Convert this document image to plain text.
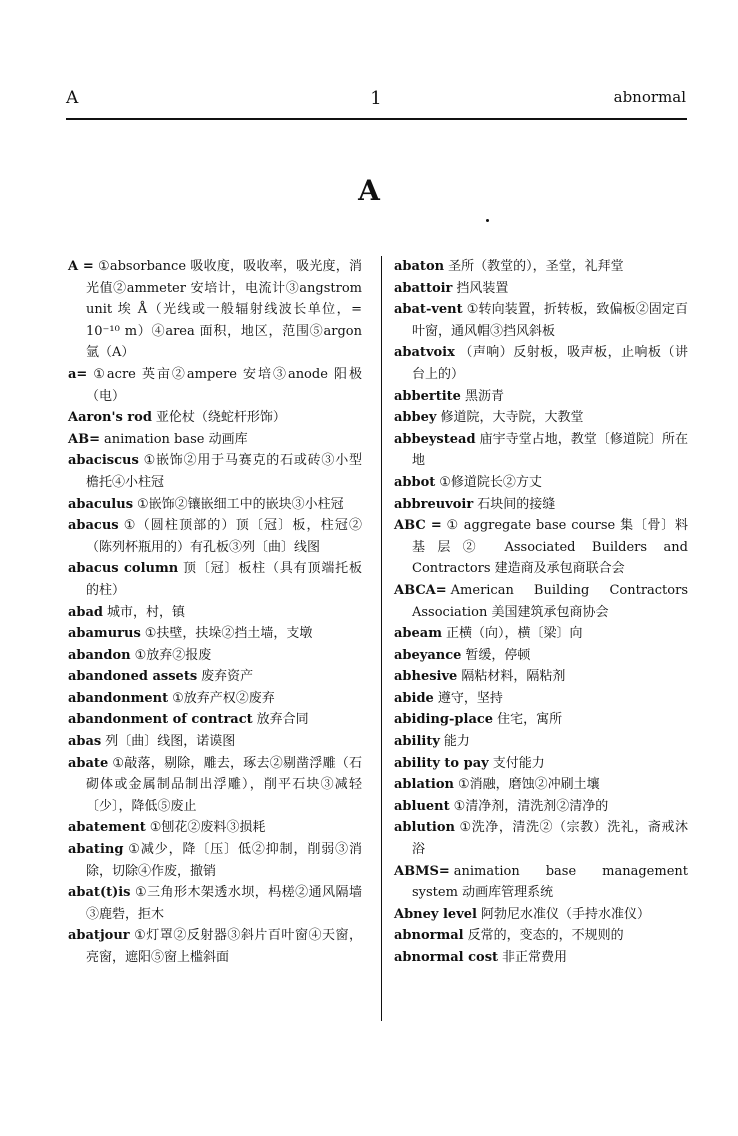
A	1	abnormal
A
A = ①absorbance 吸收度，吸收率，吸光度，消光值②ammeter 安培计，电流计③angstrom unit 埃 Å（光线或一般辐射线波长单位，= 10⁻¹⁰ m）④area 面积，地区，范围⑤argon 氩（A）
a= ①acre 英亩②ampere 安培③anode 阳极（电）
Aaron's rod 亚伦杖（绕蛇杆形饰）
AB= animation base 动画库
abaciscus ①嵌饰②用于马赛克的石或砖③小型檐托④小柱冠
abaculus ①嵌饰②镶嵌细工中的嵌块③小柱冠
abacus ①（圆柱顶部的）顶〔冠〕板，柱冠②（陈列杯瓶用的）有孔板③列〔曲〕线图
abacus column 顶〔冠〕板柱（具有顶端托板的柱）
abad 城市，村，镇
abamurus ①扶壁，扶垛②挡土墙，支墩
abandon ①放弃②报废
abandoned assets 废弃资产
abandonment ①放弃产权②废弃
abandonment of contract 放弃合同
abas 列〔曲〕线图，诺谟图
abate ①敲落，剔除，雕去，琢去②剔凿浮雕（石砌体或金属制品制出浮雕），削平石块③减轻〔少〕，降低⑤废止
abatement ①刨花②废料③损耗
abating ①减少，降〔压〕低②抑制，削弱③消除，切除④作废，撤销
abat(t)is ①三角形木架透水坝，杩槎②通风隔墙③鹿砦，拒木
abatjour ①灯罩②反射器③斜片百叶窗④天窗，亮窗，遮阳⑤窗上槛斜面
abaton 圣所（教堂的），圣堂，礼拜堂
abattoir 挡风装置
abat-vent ①转向装置，折转板，致偏板②固定百叶窗，通风帽③挡风斜板
abatvoix （声响）反射板，吸声板，止响板（讲台上的）
abbertite 黑沥青
abbey 修道院，大寺院，大教堂
abbeystead 庙宇寺堂占地，教堂〔修道院〕所在地
abbot ①修道院长②方丈
abbreuvoir 石块间的接缝
ABC = ① aggregate base course 集〔骨〕料基层② Associated Builders and Contractors 建造商及承包商联合会
ABCA= American Building Contractors Association 美国建筑承包商协会
abeam 正横（向），横〔梁〕向
abeyance 暂缓，停顿
abhesive 隔粘材料，隔粘剂
abide 遵守，坚持
abiding-place 住宅，寓所
ability 能力
ability to pay 支付能力
ablation ①消融，磨蚀②冲刷土壤
abluent ①清净剂，清洗剂②清净的
ablution ①洗净，清洗②（宗教）洗礼，斋戒沐浴
ABMS= animation base management system 动画库管理系统
Abney level 阿勃尼水准仪（手持水准仪）
abnormal 反常的，变态的，不规则的
abnormal cost 非正常费用
